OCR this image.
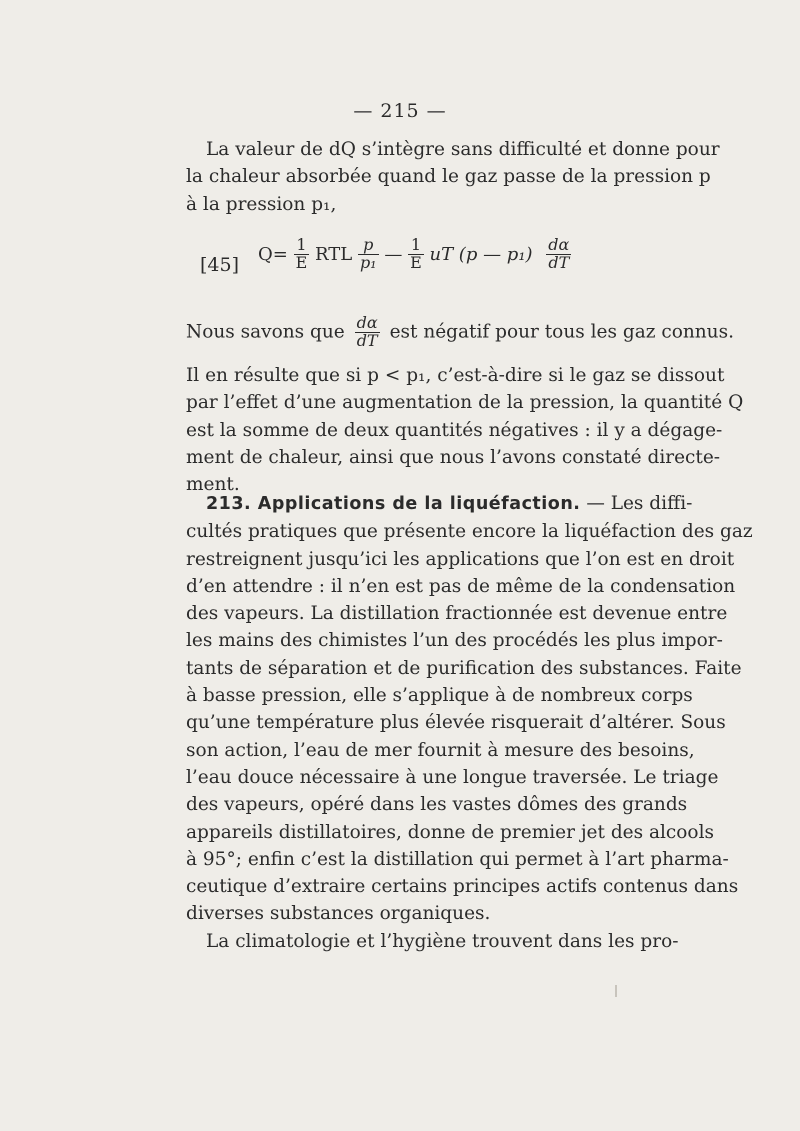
— 215 —
La valeur de dQ s’intègre sans difficulté et donne pour
la chaleur absorbée quand le gaz passe de la pression p
à la pression p₁,
[45] $Q= \frac{1}{E}$ RTL $\frac{p}{\text{p₁}}$ — $\frac{1}{E}$ uT (p — $p_1) \frac{d\alpha}{dT}$
Nous savons que $\frac{d\alpha}{dT}$ est négatif pour tous les gaz connus.
Il en résulte que si p < p₁, c’est-à-dire si le gaz se dissout
par l’effet d’une augmentation de la pression, la quantité Q
est la somme de deux quantités négatives : il y a dégage-
ment de chaleur, ainsi que nous l’avons constaté directe-
ment.
213. Applications de la liquéfaction. — Les diffi-
cultés pratiques que présente encore la liquéfaction des gaz
restreignent jusqu’ici les applications que l’on est en droit
d’en attendre : il n’en est pas de même de la condensation
des vapeurs. La distillation fractionnée est devenue entre
les mains des chimistes l’un des procédés les plus impor-
tants de séparation et de purification des substances. Faite
à basse pression, elle s’applique à de nombreux corps
qu’une température plus élevée risquerait d’altérer. Sous
son action, l’eau de mer fournit à mesure des besoins,
l’eau douce nécessaire à une longue traversée. Le triage
des vapeurs, opéré dans les vastes dômes des grands
appareils distillatoires, donne de premier jet des alcools
à 95°; enfin c’est la distillation qui permet à l’art pharma-
ceutique d’extraire certains principes actifs contenus dans
diverses substances organiques.
La climatologie et l’hygiène trouvent dans les pro-
